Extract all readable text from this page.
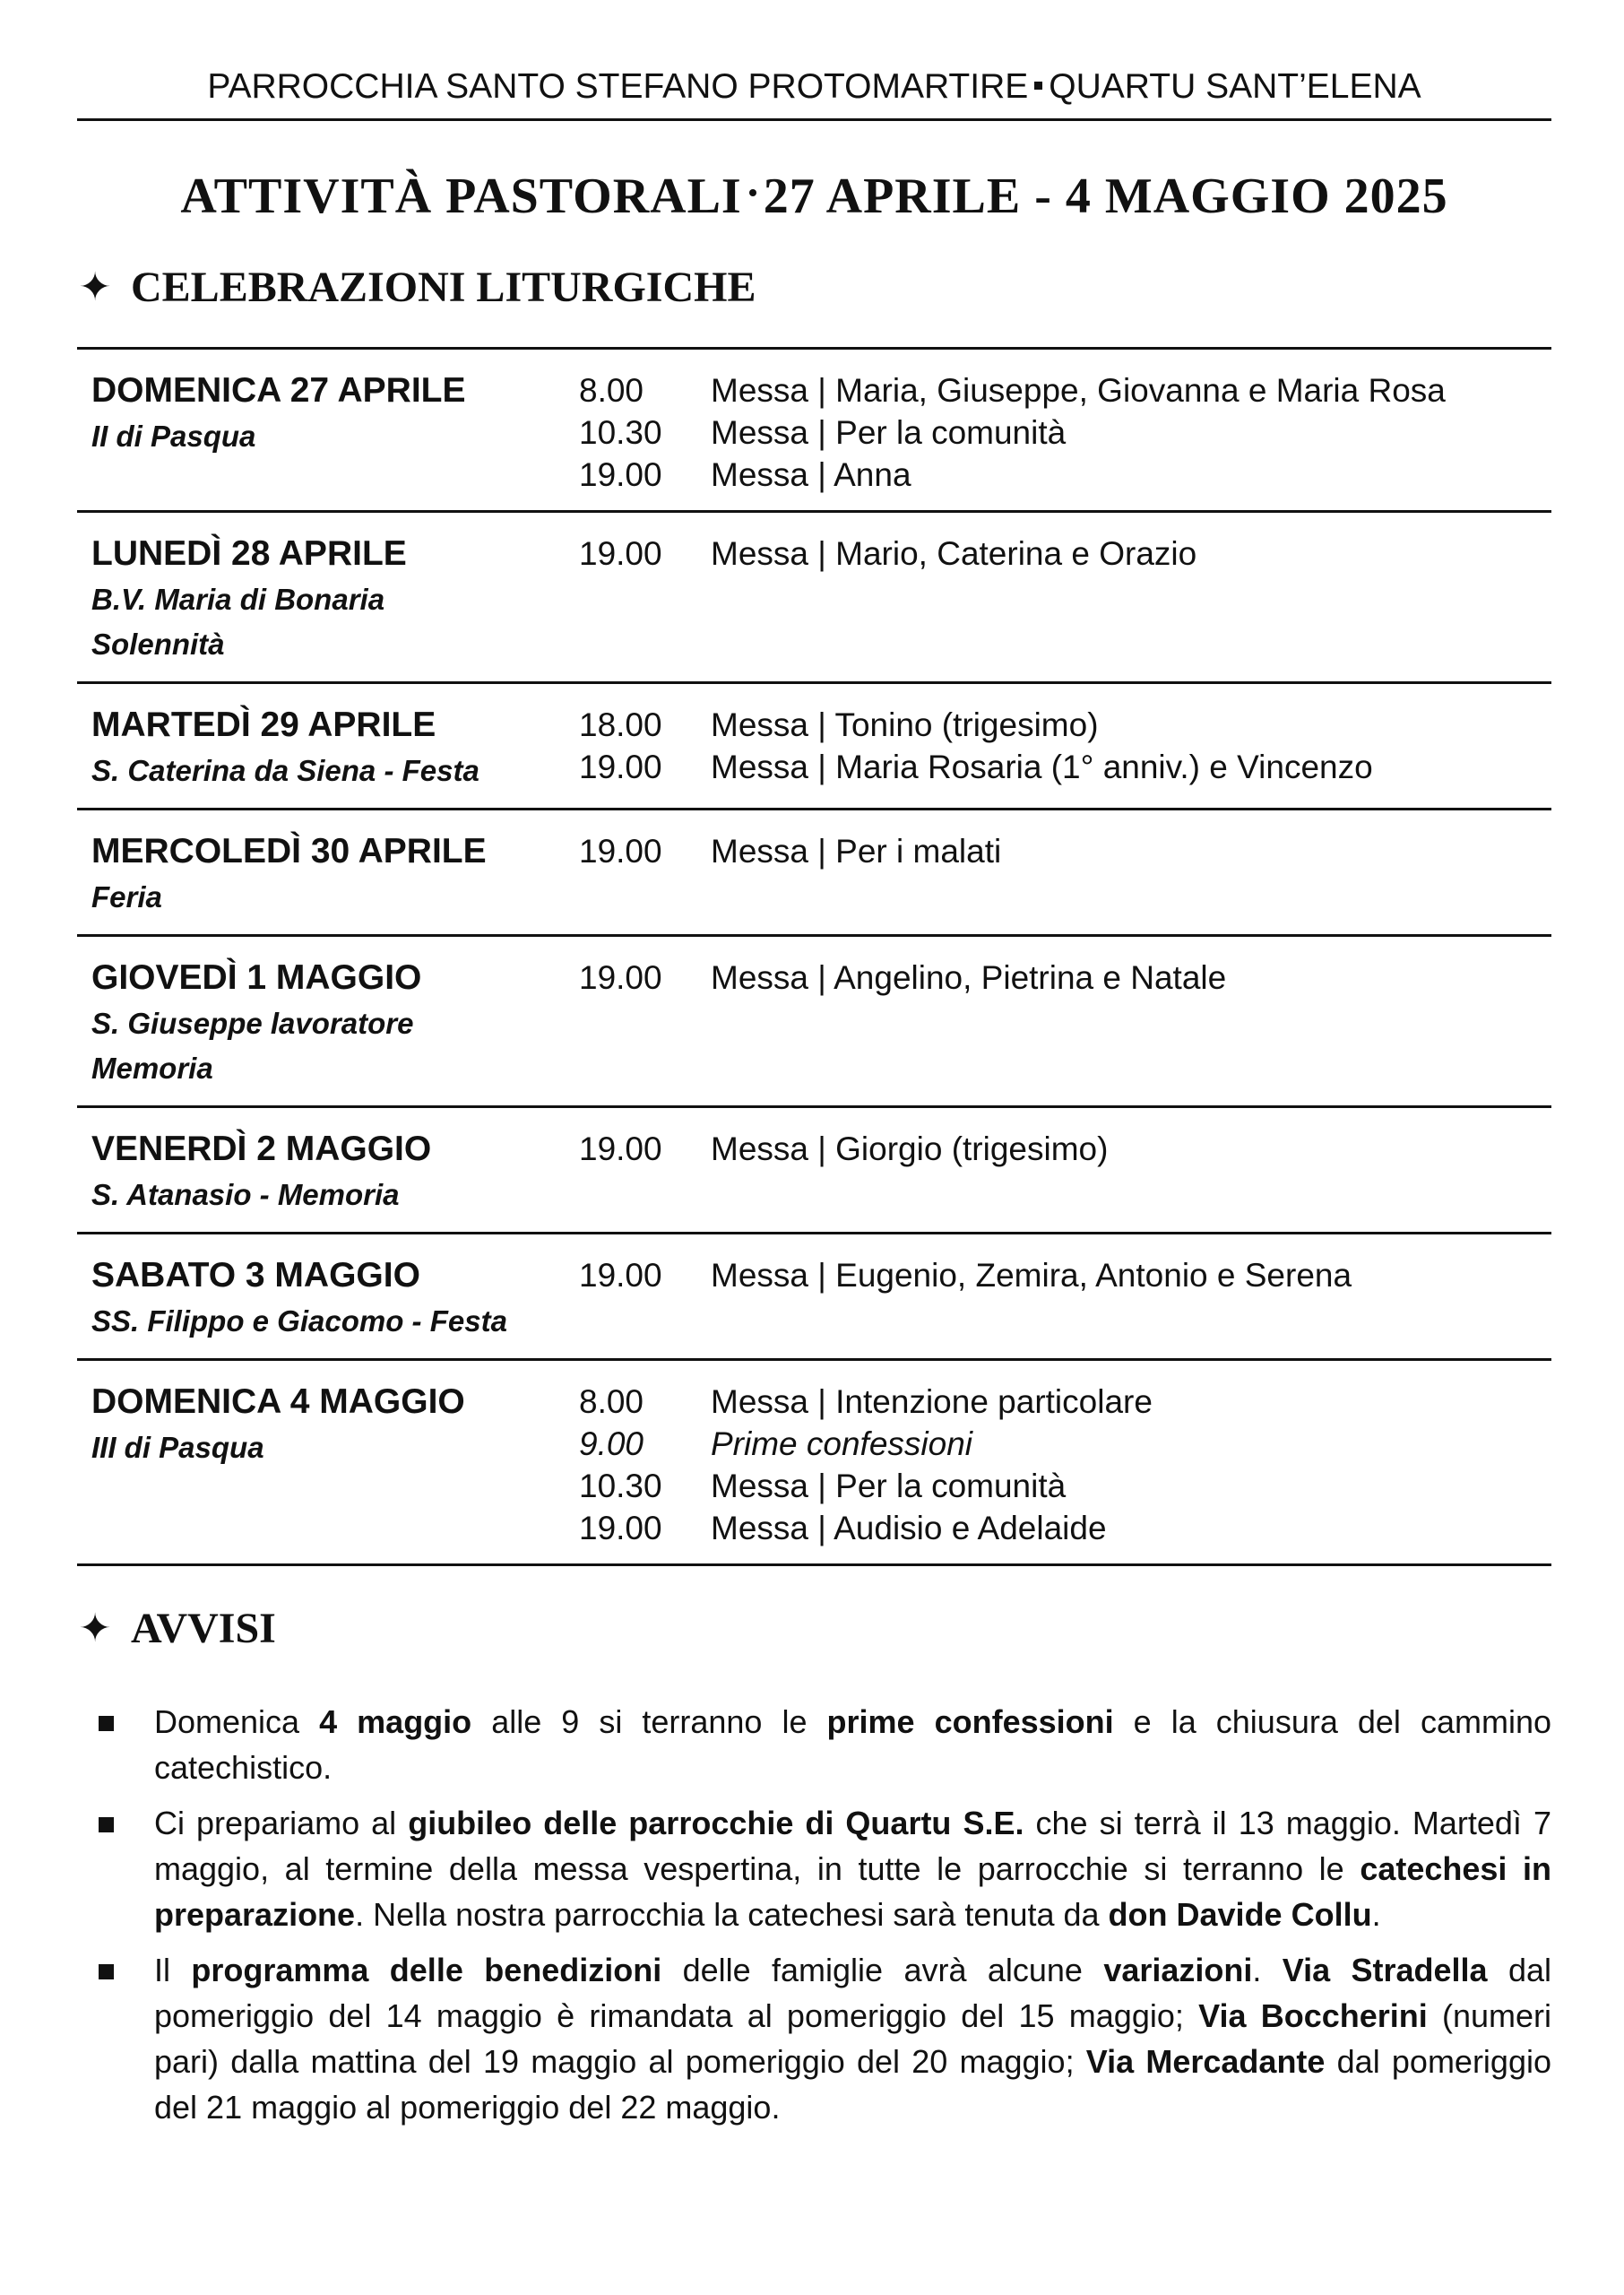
PARROCCHIA SANTO STEFANO PROTOMARTIRE QUARTU SANT’ELENA
ATTIVITÀ PASTORALI 27 APRILE - 4 MAGGIO 2025
✦ CELEBRAZIONI LITURGICHE
DOMENICA 27 APRILE
II di Pasqua
8.00	Messa | Maria, Giuseppe, Giovanna e Maria Rosa
10.30	Messa | Per la comunità
19.00	Messa | Anna
LUNEDÌ 28 APRILE
B.V. Maria di Bonaria
Solennità
19.00	Messa | Mario, Caterina e Orazio
MARTEDÌ 29 APRILE
S. Caterina da Siena - Festa
18.00	Messa | Tonino (trigesimo)
19.00	Messa | Maria Rosaria (1° anniv.) e Vincenzo
MERCOLEDÌ 30 APRILE
Feria
19.00	Messa | Per i malati
GIOVEDÌ 1 MAGGIO
S. Giuseppe lavoratore
Memoria
19.00	Messa | Angelino, Pietrina e Natale
VENERDÌ 2 MAGGIO
S. Atanasio - Memoria
19.00	Messa | Giorgio (trigesimo)
SABATO 3 MAGGIO
SS. Filippo e Giacomo - Festa
19.00	Messa | Eugenio, Zemira, Antonio e Serena
DOMENICA 4 MAGGIO
III di Pasqua
8.00	Messa | Intenzione particolare
9.00	Prime confessioni
10.30	Messa | Per la comunità
19.00	Messa | Audisio e Adelaide
✦ AVVISI
Domenica 4 maggio alle 9 si terranno le prime confessioni e la chiusura del cammino catechistico.
Ci prepariamo al giubileo delle parrocchie di Quartu S.E. che si terrà il 13 maggio. Martedì 7 maggio, al termine della messa vespertina, in tutte le parrocchie si terranno le catechesi in preparazione. Nella nostra parrocchia la catechesi sarà tenuta da don Davide Collu.
Il programma delle benedizioni delle famiglie avrà alcune variazioni. Via Stradella dal pomeriggio del 14 maggio è rimandata al pomeriggio del 15 maggio; Via Boccherini (numeri pari) dalla mattina del 19 maggio al pomeriggio del 20 maggio; Via Mercadante dal pomeriggio del 21 maggio al pomeriggio del 22 maggio.
